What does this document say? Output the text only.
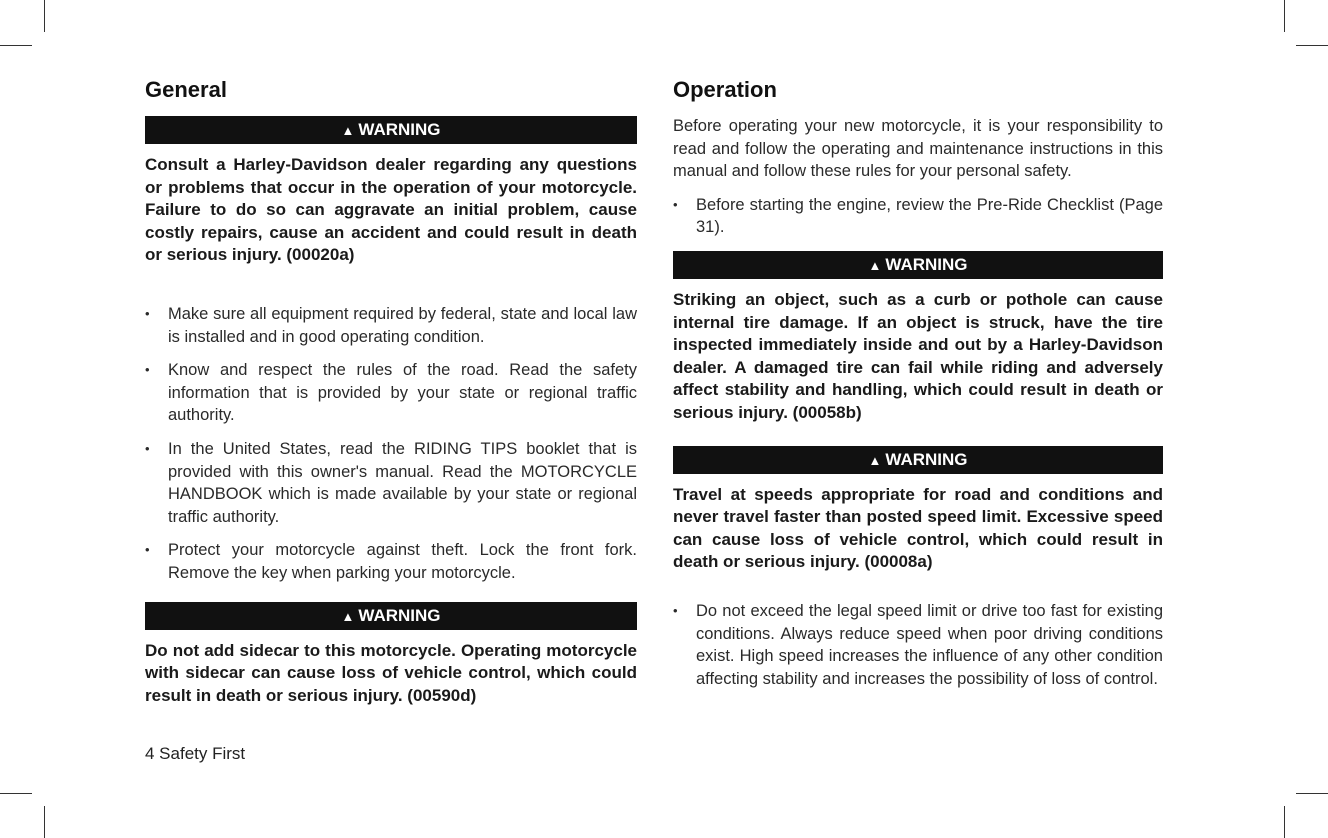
General
▲ WARNING

Consult a Harley-Davidson dealer regarding any questions or problems that occur in the operation of your motorcycle. Failure to do so can aggravate an initial problem, cause costly repairs, cause an accident and could result in death or serious injury. (00020a)

• Make sure all equipment required by federal, state and local law is installed and in good operating condition.
• Know and respect the rules of the road. Read the safety information that is provided by your state or regional traffic authority.
• In the United States, read the RIDING TIPS booklet that is provided with this owner's manual. Read the MOTORCYCLE HANDBOOK which is made available by your state or regional traffic authority.
• Protect your motorcycle against theft. Lock the front fork. Remove the key when parking your motorcycle.
▲ WARNING

Do not add sidecar to this motorcycle. Operating motorcycle with sidecar can cause loss of vehicle control, which could result in death or serious injury. (00590d)

Operation

Before operating your new motorcycle, it is your responsibility to read and follow the operating and maintenance instructions in this manual and follow these rules for your personal safety.

• Before starting the engine, review the Pre-Ride Checklist (Page 31).
▲ WARNING

Striking an object, such as a curb or pothole can cause internal tire damage. If an object is struck, have the tire inspected immediately inside and out by a Harley-Davidson dealer. A damaged tire can fail while riding and adversely affect stability and handling, which could result in death or serious injury. (00058b)

▲ WARNING

Travel at speeds appropriate for road and conditions and never travel faster than posted speed limit. Excessive speed can cause loss of vehicle control, which could result in death or serious injury. (00008a)

• Do not exceed the legal speed limit or drive too fast for existing conditions. Always reduce speed when poor driving conditions exist. High speed increases the influence of any other condition affecting stability and increases the possibility of loss of control.
4 Safety First
